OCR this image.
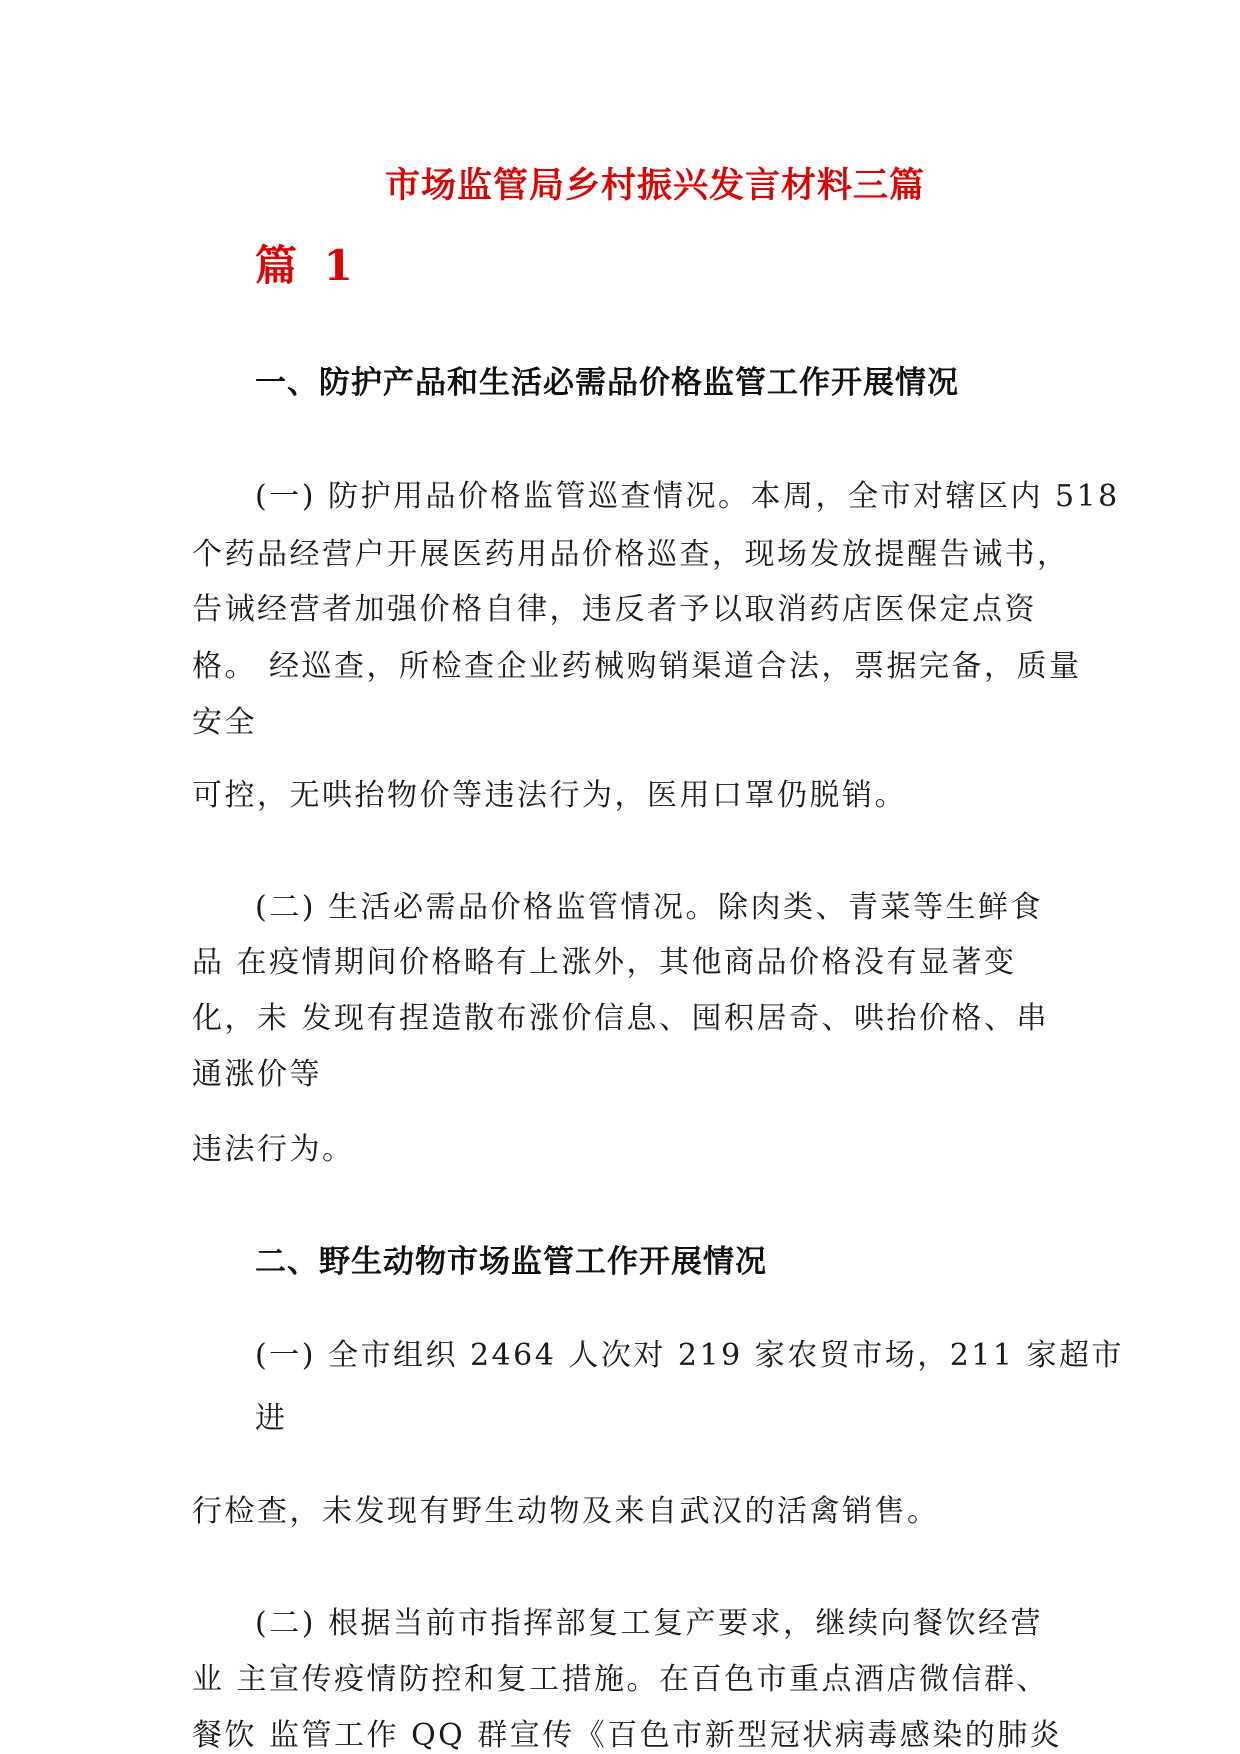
市场监管局乡村振兴发言材料三篇
篇 1
一、防护产品和生活必需品价格监管工作开展情况
(一) 防护用品价格监管巡查情况。本周，全市对辖区内 518
个药品经营户开展医药用品价格巡查，现场发放提醒告诫书，
告诫经营者加强价格自律，违反者予以取消药店医保定点资
格。 经巡查，所检查企业药械购销渠道合法，票据完备，质量
安全
可控，无哄抬物价等违法行为，医用口罩仍脱销。
(二) 生活必需品价格监管情况。除肉类、青菜等生鲜食
品 在疫情期间价格略有上涨外，其他商品价格没有显著变
化，未 发现有捏造散布涨价信息、囤积居奇、哄抬价格、串
通涨价等
违法行为。
二、野生动物市场监管工作开展情况
(一) 全市组织 2464 人次对 219 家农贸市场，211 家超市
进
行检查，未发现有野生动物及来自武汉的活禽销售。
(二) 根据当前市指挥部复工复产要求，继续向餐饮经营
业 主宣传疫情防控和复工措施。在百色市重点酒店微信群、
餐饮 监管工作 QQ 群宣传《百色市新型冠状病毒感染的肺炎
